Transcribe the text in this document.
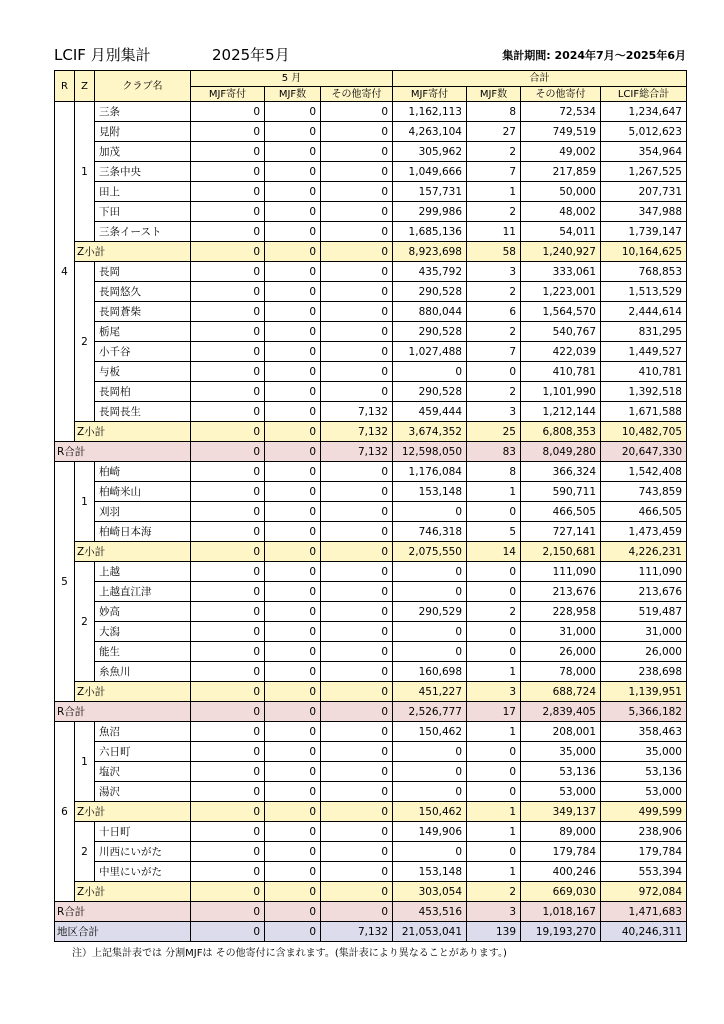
LCIF 月別集計	2025年5月	集計期間: 2024年7月～2025年6月
R	Z	クラブ名	5 月			合計			
			MJF寄付	MJF数	その他寄付	MJF寄付	MJF数	その他寄付	LCIF総合計
4	1	三条	0	0	0	1,162,113	8	72,534	1,234,647
		見附	0	0	0	4,263,104	27	749,519	5,012,623
		加茂	0	0	0	305,962	2	49,002	354,964
		三条中央	0	0	0	1,049,666	7	217,859	1,267,525
		田上	0	0	0	157,731	1	50,000	207,731
		下田	0	0	0	299,986	2	48,002	347,988
		三条イースト	0	0	0	1,685,136	11	54,011	1,739,147
	Z小計		0	0	0	8,923,698	58	1,240,927	10,164,625
	2	長岡	0	0	0	435,792	3	333,061	768,853
		長岡悠久	0	0	0	290,528	2	1,223,001	1,513,529
		長岡蒼柴	0	0	0	880,044	6	1,564,570	2,444,614
		栃尾	0	0	0	290,528	2	540,767	831,295
		小千谷	0	0	0	1,027,488	7	422,039	1,449,527
		与板	0	0	0	0	0	410,781	410,781
		長岡柏	0	0	0	290,528	2	1,101,990	1,392,518
		長岡長生	0	0	7,132	459,444	3	1,212,144	1,671,588
	Z小計		0	0	7,132	3,674,352	25	6,808,353	10,482,705
R合計			0	0	7,132	12,598,050	83	8,049,280	20,647,330
5	1	柏崎	0	0	0	1,176,084	8	366,324	1,542,408
		柏崎米山	0	0	0	153,148	1	590,711	743,859
		刈羽	0	0	0	0	0	466,505	466,505
		柏崎日本海	0	0	0	746,318	5	727,141	1,473,459
	Z小計		0	0	0	2,075,550	14	2,150,681	4,226,231
	2	上越	0	0	0	0	0	111,090	111,090
		上越直江津	0	0	0	0	0	213,676	213,676
		妙高	0	0	0	290,529	2	228,958	519,487
		大潟	0	0	0	0	0	31,000	31,000
		能生	0	0	0	0	0	26,000	26,000
		糸魚川	0	0	0	160,698	1	78,000	238,698
	Z小計		0	0	0	451,227	3	688,724	1,139,951
R合計			0	0	0	2,526,777	17	2,839,405	5,366,182
6	1	魚沼	0	0	0	150,462	1	208,001	358,463
		六日町	0	0	0	0	0	35,000	35,000
		塩沢	0	0	0	0	0	53,136	53,136
		湯沢	0	0	0	0	0	53,000	53,000
	Z小計		0	0	0	150,462	1	349,137	499,599
	2	十日町	0	0	0	149,906	1	89,000	238,906
		川西にいがた	0	0	0	0	0	179,784	179,784
		中里にいがた	0	0	0	153,148	1	400,246	553,394
	Z小計		0	0	0	303,054	2	669,030	972,084
R合計			0	0	0	453,516	3	1,018,167	1,471,683
地区合計			0	0	7,132	21,053,041	139	19,193,270	40,246,311
注）上記集計表では 分割MJFは その他寄付に含まれます。(集計表により異なることがあります。)
